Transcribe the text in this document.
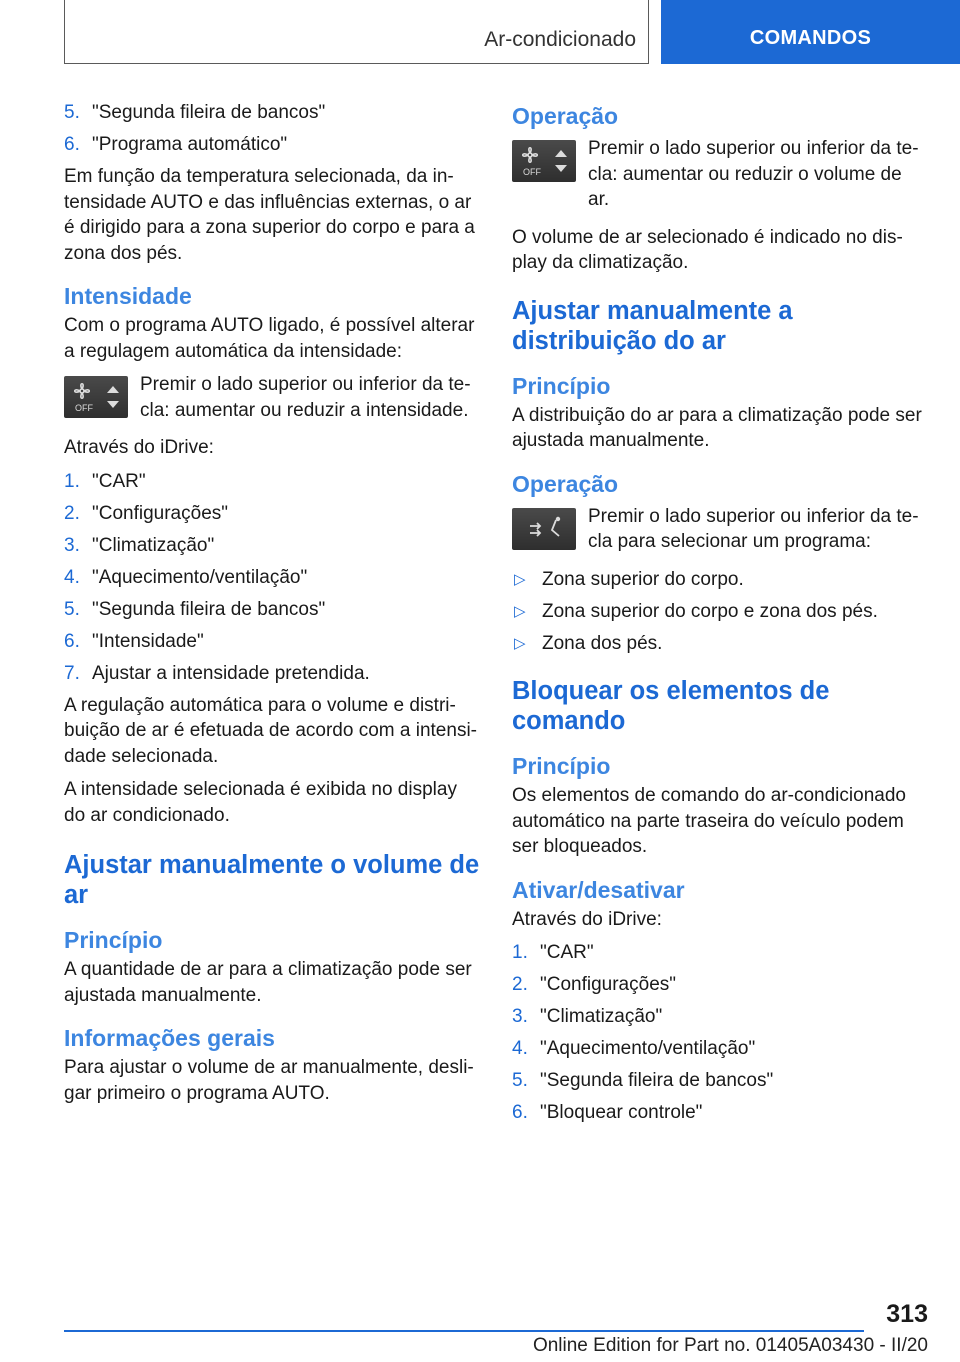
Ar-condicionado	COMANDOS
5. "Segunda fileira de bancos"
6. "Programa automático"

Em função da temperatura selecionada, da in-tensidade AUTO e das influências externas, o ar é dirigido para a zona superior do corpo e para a zona dos pés.

Intensidade

Com o programa AUTO ligado, é possível alterar a regulagem automática da intensidade:

OFF

Premir o lado superior ou inferior da te-cla: aumentar ou reduzir a intensidade.

Através do iDrive:

1. "CAR"
2. "Configurações"
3. "Climatização"
4. "Aquecimento/ventilação"
5. "Segunda fileira de bancos"
6. "Intensidade"
7. Ajustar a intensidade pretendida.

A regulação automática para o volume e distri-buição de ar é efetuada de acordo com a intensi-dade selecionada.

A intensidade selecionada é exibida no display do ar condicionado.

Ajustar manualmente o volume de ar
Princípio

A quantidade de ar para a climatização pode ser ajustada manualmente.

Informações gerais

Para ajustar o volume de ar manualmente, desli-gar primeiro o programa AUTO.

Operação
OFF

Premir o lado superior ou inferior da te-cla: aumentar ou reduzir o volume de ar.

O volume de ar selecionado é indicado no dis-play da climatização.

Ajustar manualmente a distribuição do ar
Princípio

A distribuição do ar para a climatização pode ser ajustada manualmente.

Operação

Premir o lado superior ou inferior da te-cla para selecionar um programa:

▷ Zona superior do corpo.
▷ Zona superior do corpo e zona dos pés.
▷ Zona dos pés.
Bloquear os elementos de comando
Princípio

Os elementos de comando do ar-condicionado automático na parte traseira do veículo podem ser bloqueados.

Ativar/desativar

Através do iDrive:

1. "CAR"
2. "Configurações"
3. "Climatização"
4. "Aquecimento/ventilação"
5. "Segunda fileira de bancos"
6. "Bloquear controle"
313
Online Edition for Part no. 01405A03430 - II/20
